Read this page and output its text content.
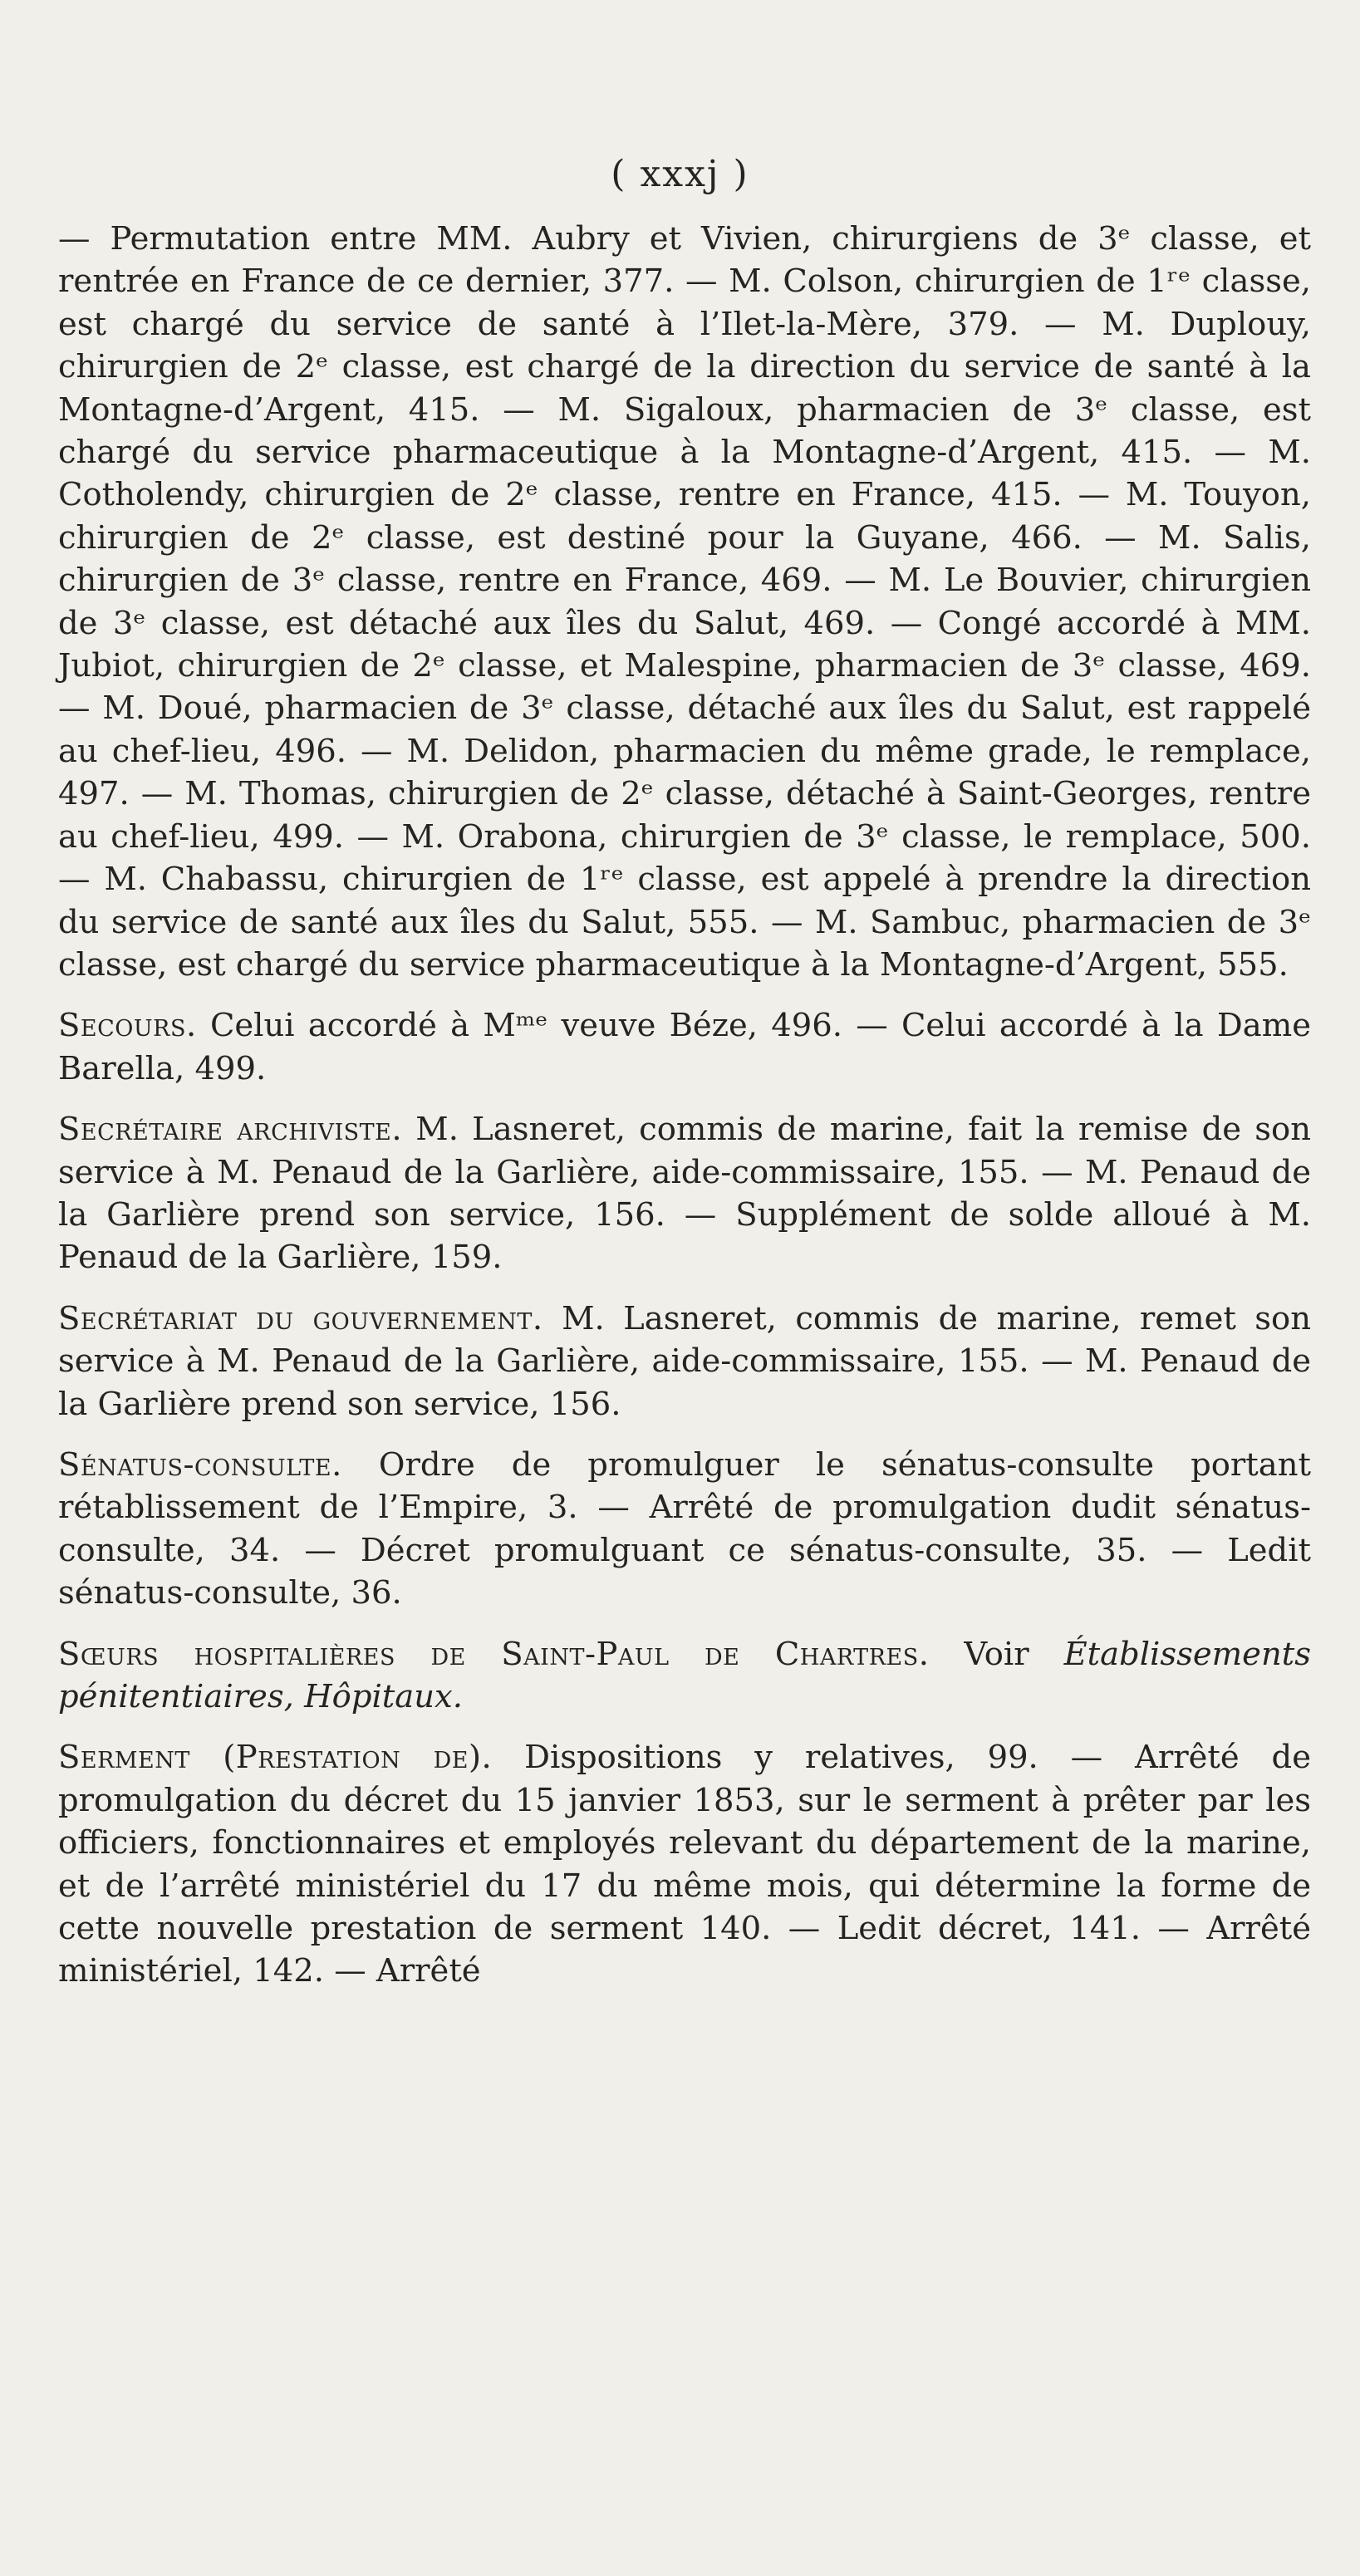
( xxxj )

— Permutation entre MM. Aubry et Vivien, chirurgiens de 3ᵉ classe, et rentrée en France de ce dernier, 377. — M. Colson, chirurgien de 1ʳᵉ classe, est chargé du service de santé à l’Ilet-la-Mère, 379. — M. Duplouy, chirurgien de 2ᵉ classe, est chargé de la direction du service de santé à la Montagne-d’Argent, 415. — M. Sigaloux, pharmacien de 3ᵉ classe, est chargé du service pharmaceutique à la Montagne-d’Argent, 415. — M. Cotholendy, chirurgien de 2ᵉ classe, rentre en France, 415. — M. Touyon, chirurgien de 2ᵉ classe, est destiné pour la Guyane, 466. — M. Salis, chirurgien de 3ᵉ classe, rentre en France, 469. — M. Le Bouvier, chirurgien de 3ᵉ classe, est détaché aux îles du Salut, 469. — Congé accordé à MM. Jubiot, chirurgien de 2ᵉ classe, et Malespine, pharmacien de 3ᵉ classe, 469. — M. Doué, pharmacien de 3ᵉ classe, détaché aux îles du Salut, est rappelé au chef-lieu, 496. — M. Delidon, pharmacien du même grade, le remplace, 497. — M. Thomas, chirurgien de 2ᵉ classe, détaché à Saint-Georges, rentre au chef-lieu, 499. — M. Orabona, chirurgien de 3ᵉ classe, le remplace, 500. — M. Chabassu, chirurgien de 1ʳᵉ classe, est appelé à prendre la direction du service de santé aux îles du Salut, 555. — M. Sambuc, pharmacien de 3ᵉ classe, est chargé du service pharmaceutique à la Montagne-d’Argent, 555.

Secours. Celui accordé à Mᵐᵉ veuve Béze, 496. — Celui accordé à la Dame Barella, 499.

Secrétaire archiviste. M. Lasneret, commis de marine, fait la remise de son service à M. Penaud de la Garlière, aide-commissaire, 155. — M. Penaud de la Garlière prend son service, 156. — Supplément de solde alloué à M. Penaud de la Garlière, 159.

Secrétariat du gouvernement. M. Lasneret, commis de marine, remet son service à M. Penaud de la Garlière, aide-commissaire, 155. — M. Penaud de la Garlière prend son service, 156.

Sénatus-consulte. Ordre de promulguer le sénatus-consulte portant rétablissement de l’Empire, 3. — Arrêté de promulgation dudit sénatus-consulte, 34. — Décret promulguant ce sénatus-consulte, 35. — Ledit sénatus-consulte, 36.

Sœurs hospitalières de Saint-Paul de Chartres. Voir Établissements pénitentiaires, Hôpitaux.

Serment (Prestation de). Dispositions y relatives, 99. — Arrêté de promulgation du décret du 15 janvier 1853, sur le serment à prêter par les officiers, fonctionnaires et employés relevant du département de la marine, et de l’arrêté ministériel du 17 du même mois, qui détermine la forme de cette nouvelle prestation de serment 140. — Ledit décret, 141. — Arrêté ministériel, 142. — Arrêté
